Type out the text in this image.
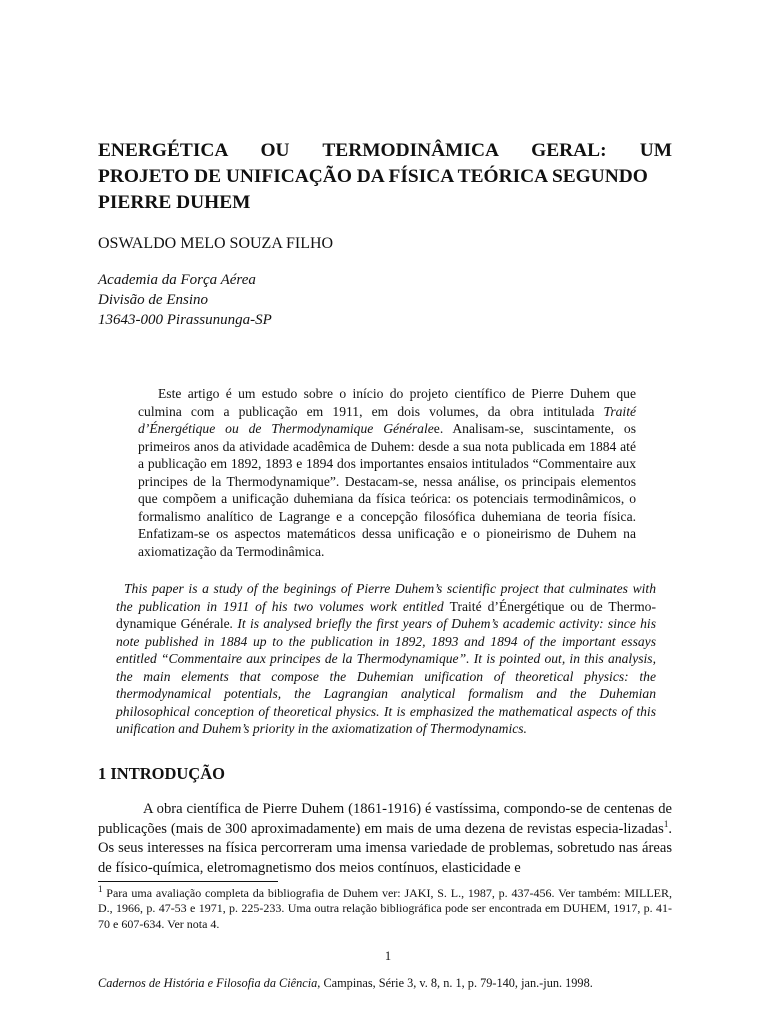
ENERGÉTICA OU TERMODINÂMICA GERAL: UM
PROJETO DE UNIFICAÇÃO DA FÍSICA TEÓRICA SEGUNDO
PIERRE DUHEM

OSWALDO MELO SOUZA FILHO

Academia da Força Aérea
Divisão de Ensino
13643-000 Pirassununga-SP

Este artigo é um estudo sobre o início do projeto científico de Pierre Duhem que culmina com a publicação em 1911, em dois volumes, da obra intitulada Traité d’Énergétique ou de Thermodynamique Généralee. Analisam-se, suscintamente, os primeiros anos da atividade acadêmica de Duhem: desde a sua nota publicada em 1884 até a publicação em 1892, 1893 e 1894 dos importantes ensaios intitulados “Commentaire aux principes de la Thermodynamique”. Destacam-se, nessa análise, os principais elementos que compõem a unificação duhemiana da física teórica: os potenciais termodinâmicos, o formalismo analítico de Lagrange e a concepção filosófica duhemiana de teoria física. Enfatizam-se os aspectos matemáticos dessa unificação e o pioneirismo de Duhem na axiomatização da Termodinâmica.

This paper is a study of the beginings of Pierre Duhem’s scientific project that culminates with the publication in 1911 of his two volumes work entitled Traité d’Énergétique ou de Thermo-dynamique Générale. It is analysed briefly the first years of Duhem’s academic activity: since his note published in 1884 up to the publication in 1892, 1893 and 1894 of the important essays entitled “Commentaire aux principes de la Thermodynamique”. It is pointed out, in this analysis, the main elements that compose the Duhemian unification of theoretical physics: the thermodynamical potentials, the Lagrangian analytical formalism and the Duhemian philosophical conception of theoretical physics. It is emphasized the mathematical aspects of this unification and Duhem’s priority in the axiomatization of Thermodynamics.

1 INTRODUÇÃO

A obra científica de Pierre Duhem (1861-1916) é vastíssima, compondo-se de centenas de publicações (mais de 300 aproximadamente) em mais de uma dezena de revistas especia-lizadas$^1$. Os seus interesses na física percorreram uma imensa variedade de problemas, sobretudo nas áreas de físico-química, eletromagnetismo dos meios contínuos, elasticidade e

$^1$ Para uma avaliação completa da bibliografia de Duhem ver: JAKI, S. L., 1987, p. 437-456. Ver também: MILLER, D., 1966, p. 47-53 e 1971, p. 225-233. Uma outra relação bibliográfica pode ser encontrada em DUHEM, 1917, p. 41-70 e 607-634. Ver nota 4.

1

Cadernos de História e Filosofia da Ciência, Campinas, Série 3, v. 8, n. 1, p. 79-140, jan.-jun. 1998.
